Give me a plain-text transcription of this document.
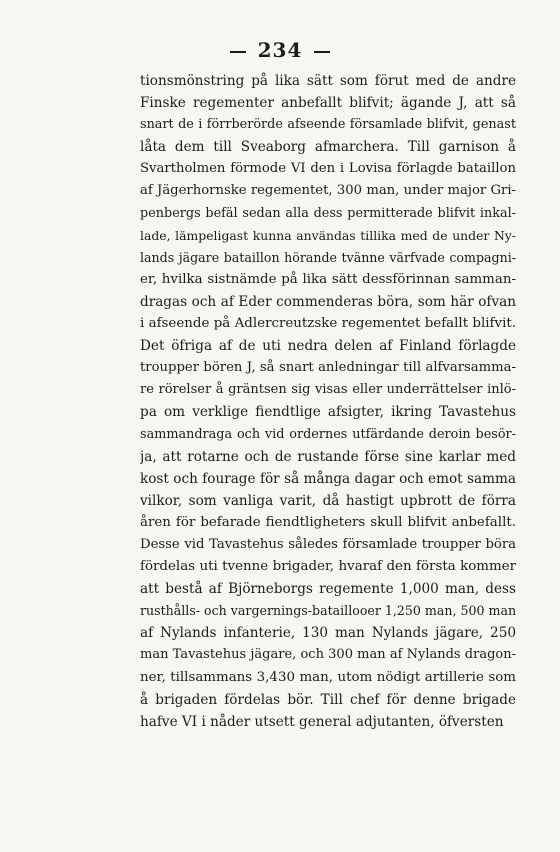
234
tionsmönstring på lika sätt som förut med de andre
Finske regementer anbefallt blifvit; ägande J, att så
snart de i förrberörde afseende församlade blifvit, genast
låta dem till Sveaborg afmarchera. Till garnison å
Svartholmen förmode VI den i Lovisa förlagde bataillon
af Jägerhornske regementet, 300 man, under major Gri-
penbergs befäl sedan alla dess permitterade blifvit inkal-
lade, lämpeligast kunna användas tillika med de under Ny-
lands jägare bataillon hörande tvänne värfvade compagni-
er, hvilka sistnämde på lika sätt dessförinnan samman-
dragas och af Eder commenderas böra, som här ofvan
i afseende på Adlercreutzske regementet befallt blifvit.
Det öfriga af de uti nedra delen af Finland förlagde
troupper bören J, så snart anledningar till alfvarsamma-
re rörelser å gräntsen sig visas eller underrättelser inlö-
pa om verklige fiendtlige afsigter, ikring Tavastehus
sammandraga och vid ordernes utfärdande deroin besör-
ja, att rotarne och de rustande förse sine karlar med
kost och fourage för så många dagar och emot samma
vilkor, som vanliga varit, då hastigt upbrott de förra
åren för befarade fiendtligheters skull blifvit anbefallt.
Desse vid Tavastehus således församlade troupper böra
fördelas uti tvenne brigader, hvaraf den första kommer
att bestå af Björneborgs regemente 1,000 man, dess
rusthålls- och vargernings-bataillooer 1,250 man, 500 man
af Nylands infanterie, 130 man Nylands jägare, 250
man Tavastehus jägare, och 300 man af Nylands dragon-
ner, tillsammans 3,430 man, utom nödigt artillerie som
å brigaden fördelas bör. Till chef för denne brigade
hafve VI i nåder utsett general adjutanten, öfversten
